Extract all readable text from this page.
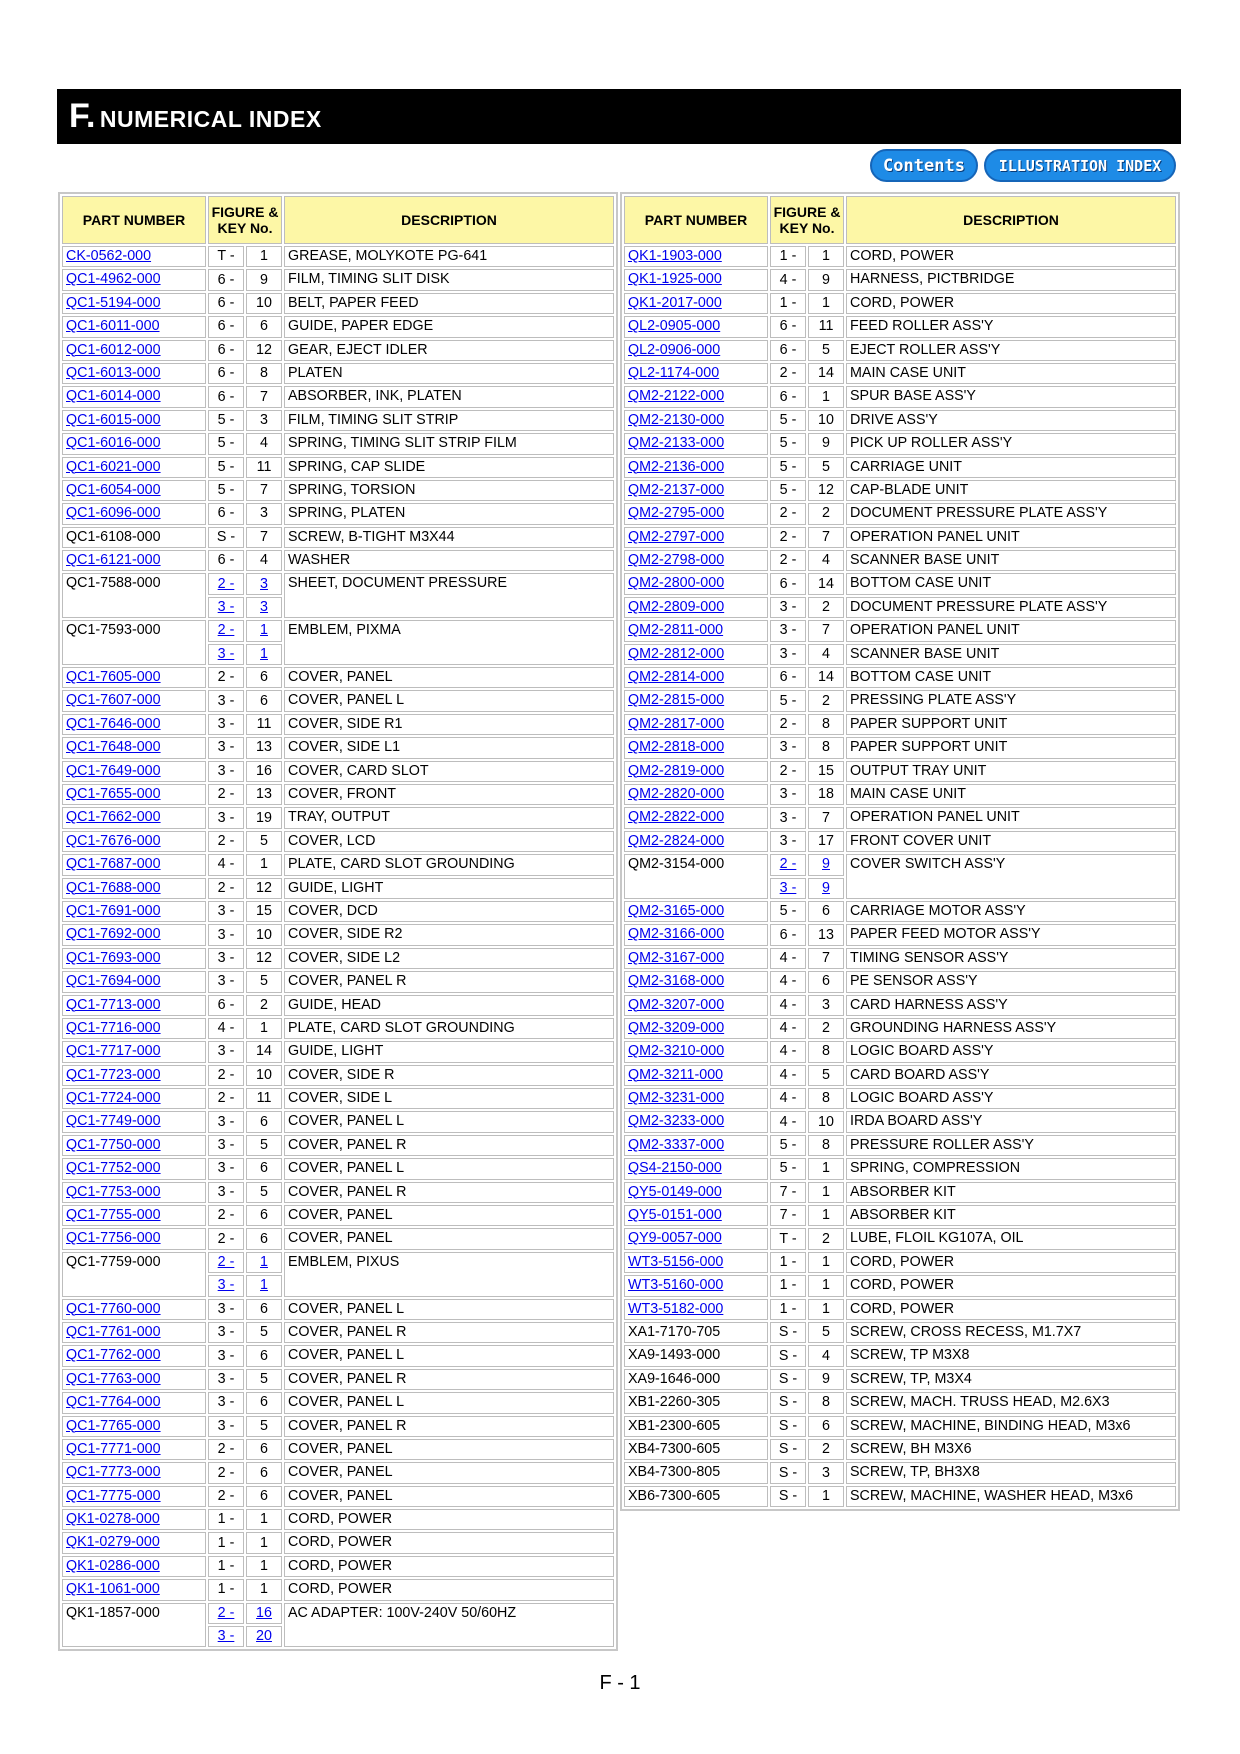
F.
NUMERICAL INDEX
Contents	ILLUSTRATION INDEX
PART NUMBER	FIGURE &
KEY No.		DESCRIPTION
CK-0562-000	T -	1	GREASE, MOLYKOTE PG-641
QC1-4962-000	6 -	9	FILM, TIMING SLIT DISK
QC1-5194-000	6 -	10	BELT, PAPER FEED
QC1-6011-000	6 -	6	GUIDE, PAPER EDGE
QC1-6012-000	6 -	12	GEAR, EJECT IDLER
QC1-6013-000	6 -	8	PLATEN
QC1-6014-000	6 -	7	ABSORBER, INK, PLATEN
QC1-6015-000	5 -	3	FILM, TIMING SLIT STRIP
QC1-6016-000	5 -	4	SPRING, TIMING SLIT STRIP FILM
QC1-6021-000	5 -	11	SPRING, CAP SLIDE
QC1-6054-000	5 -	7	SPRING, TORSION
QC1-6096-000	6 -	3	SPRING, PLATEN
QC1-6108-000	S -	7	SCREW, B-TIGHT M3X44
QC1-6121-000	6 -	4	WASHER
QC1-7588-000	2 -	3	SHEET, DOCUMENT PRESSURE
	3 -	3	
QC1-7593-000	2 -	1	EMBLEM, PIXMA
	3 -	1	
QC1-7605-000	2 -	6	COVER, PANEL
QC1-7607-000	3 -	6	COVER, PANEL L
QC1-7646-000	3 -	11	COVER, SIDE R1
QC1-7648-000	3 -	13	COVER, SIDE L1
QC1-7649-000	3 -	16	COVER, CARD SLOT
QC1-7655-000	2 -	13	COVER, FRONT
QC1-7662-000	3 -	19	TRAY, OUTPUT
QC1-7676-000	2 -	5	COVER, LCD
QC1-7687-000	4 -	1	PLATE, CARD SLOT GROUNDING
QC1-7688-000	2 -	12	GUIDE, LIGHT
QC1-7691-000	3 -	15	COVER, DCD
QC1-7692-000	3 -	10	COVER, SIDE R2
QC1-7693-000	3 -	12	COVER, SIDE L2
QC1-7694-000	3 -	5	COVER, PANEL R
QC1-7713-000	6 -	2	GUIDE, HEAD
QC1-7716-000	4 -	1	PLATE, CARD SLOT GROUNDING
QC1-7717-000	3 -	14	GUIDE, LIGHT
QC1-7723-000	2 -	10	COVER, SIDE R
QC1-7724-000	2 -	11	COVER, SIDE L
QC1-7749-000	3 -	6	COVER, PANEL L
QC1-7750-000	3 -	5	COVER, PANEL R
QC1-7752-000	3 -	6	COVER, PANEL L
QC1-7753-000	3 -	5	COVER, PANEL R
QC1-7755-000	2 -	6	COVER, PANEL
QC1-7756-000	2 -	6	COVER, PANEL
QC1-7759-000	2 -	1	EMBLEM, PIXUS
	3 -	1	
QC1-7760-000	3 -	6	COVER, PANEL L
QC1-7761-000	3 -	5	COVER, PANEL R
QC1-7762-000	3 -	6	COVER, PANEL L
QC1-7763-000	3 -	5	COVER, PANEL R
QC1-7764-000	3 -	6	COVER, PANEL L
QC1-7765-000	3 -	5	COVER, PANEL R
QC1-7771-000	2 -	6	COVER, PANEL
QC1-7773-000	2 -	6	COVER, PANEL
QC1-7775-000	2 -	6	COVER, PANEL
QK1-0278-000	1 -	1	CORD, POWER
QK1-0279-000	1 -	1	CORD, POWER
QK1-0286-000	1 -	1	CORD, POWER
QK1-1061-000	1 -	1	CORD, POWER
QK1-1857-000	2 -	16	AC ADAPTER: 100V-240V 50/60HZ
	3 -	20	
PART NUMBER	FIGURE &
KEY No.		DESCRIPTION
QK1-1903-000	1 -	1	CORD, POWER
QK1-1925-000	4 -	9	HARNESS, PICTBRIDGE
QK1-2017-000	1 -	1	CORD, POWER
QL2-0905-000	6 -	11	FEED ROLLER ASS'Y
QL2-0906-000	6 -	5	EJECT ROLLER ASS'Y
QL2-1174-000	2 -	14	MAIN CASE UNIT
QM2-2122-000	6 -	1	SPUR BASE ASS'Y
QM2-2130-000	5 -	10	DRIVE ASS'Y
QM2-2133-000	5 -	9	PICK UP ROLLER ASS'Y
QM2-2136-000	5 -	5	CARRIAGE UNIT
QM2-2137-000	5 -	12	CAP-BLADE UNIT
QM2-2795-000	2 -	2	DOCUMENT PRESSURE PLATE ASS'Y
QM2-2797-000	2 -	7	OPERATION PANEL UNIT
QM2-2798-000	2 -	4	SCANNER BASE UNIT
QM2-2800-000	6 -	14	BOTTOM CASE UNIT
QM2-2809-000	3 -	2	DOCUMENT PRESSURE PLATE ASS'Y
QM2-2811-000	3 -	7	OPERATION PANEL UNIT
QM2-2812-000	3 -	4	SCANNER BASE UNIT
QM2-2814-000	6 -	14	BOTTOM CASE UNIT
QM2-2815-000	5 -	2	PRESSING PLATE ASS'Y
QM2-2817-000	2 -	8	PAPER SUPPORT UNIT
QM2-2818-000	3 -	8	PAPER SUPPORT UNIT
QM2-2819-000	2 -	15	OUTPUT TRAY UNIT
QM2-2820-000	3 -	18	MAIN CASE UNIT
QM2-2822-000	3 -	7	OPERATION PANEL UNIT
QM2-2824-000	3 -	17	FRONT COVER UNIT
QM2-3154-000	2 -	9	COVER SWITCH ASS'Y
	3 -	9	
QM2-3165-000	5 -	6	CARRIAGE MOTOR ASS'Y
QM2-3166-000	6 -	13	PAPER FEED MOTOR ASS'Y
QM2-3167-000	4 -	7	TIMING SENSOR ASS'Y
QM2-3168-000	4 -	6	PE SENSOR ASS'Y
QM2-3207-000	4 -	3	CARD HARNESS ASS'Y
QM2-3209-000	4 -	2	GROUNDING HARNESS ASS'Y
QM2-3210-000	4 -	8	LOGIC BOARD ASS'Y
QM2-3211-000	4 -	5	CARD BOARD ASS'Y
QM2-3231-000	4 -	8	LOGIC BOARD ASS'Y
QM2-3233-000	4 -	10	IRDA BOARD ASS'Y
QM2-3337-000	5 -	8	PRESSURE ROLLER ASS'Y
QS4-2150-000	5 -	1	SPRING, COMPRESSION
QY5-0149-000	7 -	1	ABSORBER KIT
QY5-0151-000	7 -	1	ABSORBER KIT
QY9-0057-000	T -	2	LUBE, FLOIL KG107A, OIL
WT3-5156-000	1 -	1	CORD, POWER
WT3-5160-000	1 -	1	CORD, POWER
WT3-5182-000	1 -	1	CORD, POWER
XA1-7170-705	S -	5	SCREW, CROSS RECESS, M1.7X7
XA9-1493-000	S -	4	SCREW, TP M3X8
XA9-1646-000	S -	9	SCREW, TP, M3X4
XB1-2260-305	S -	8	SCREW, MACH. TRUSS HEAD, M2.6X3
XB1-2300-605	S -	6	SCREW, MACHINE, BINDING HEAD, M3x6
XB4-7300-605	S -	2	SCREW, BH M3X6
XB4-7300-805	S -	3	SCREW, TP, BH3X8
XB6-7300-605	S -	1	SCREW, MACHINE, WASHER HEAD, M3x6
F - 1
